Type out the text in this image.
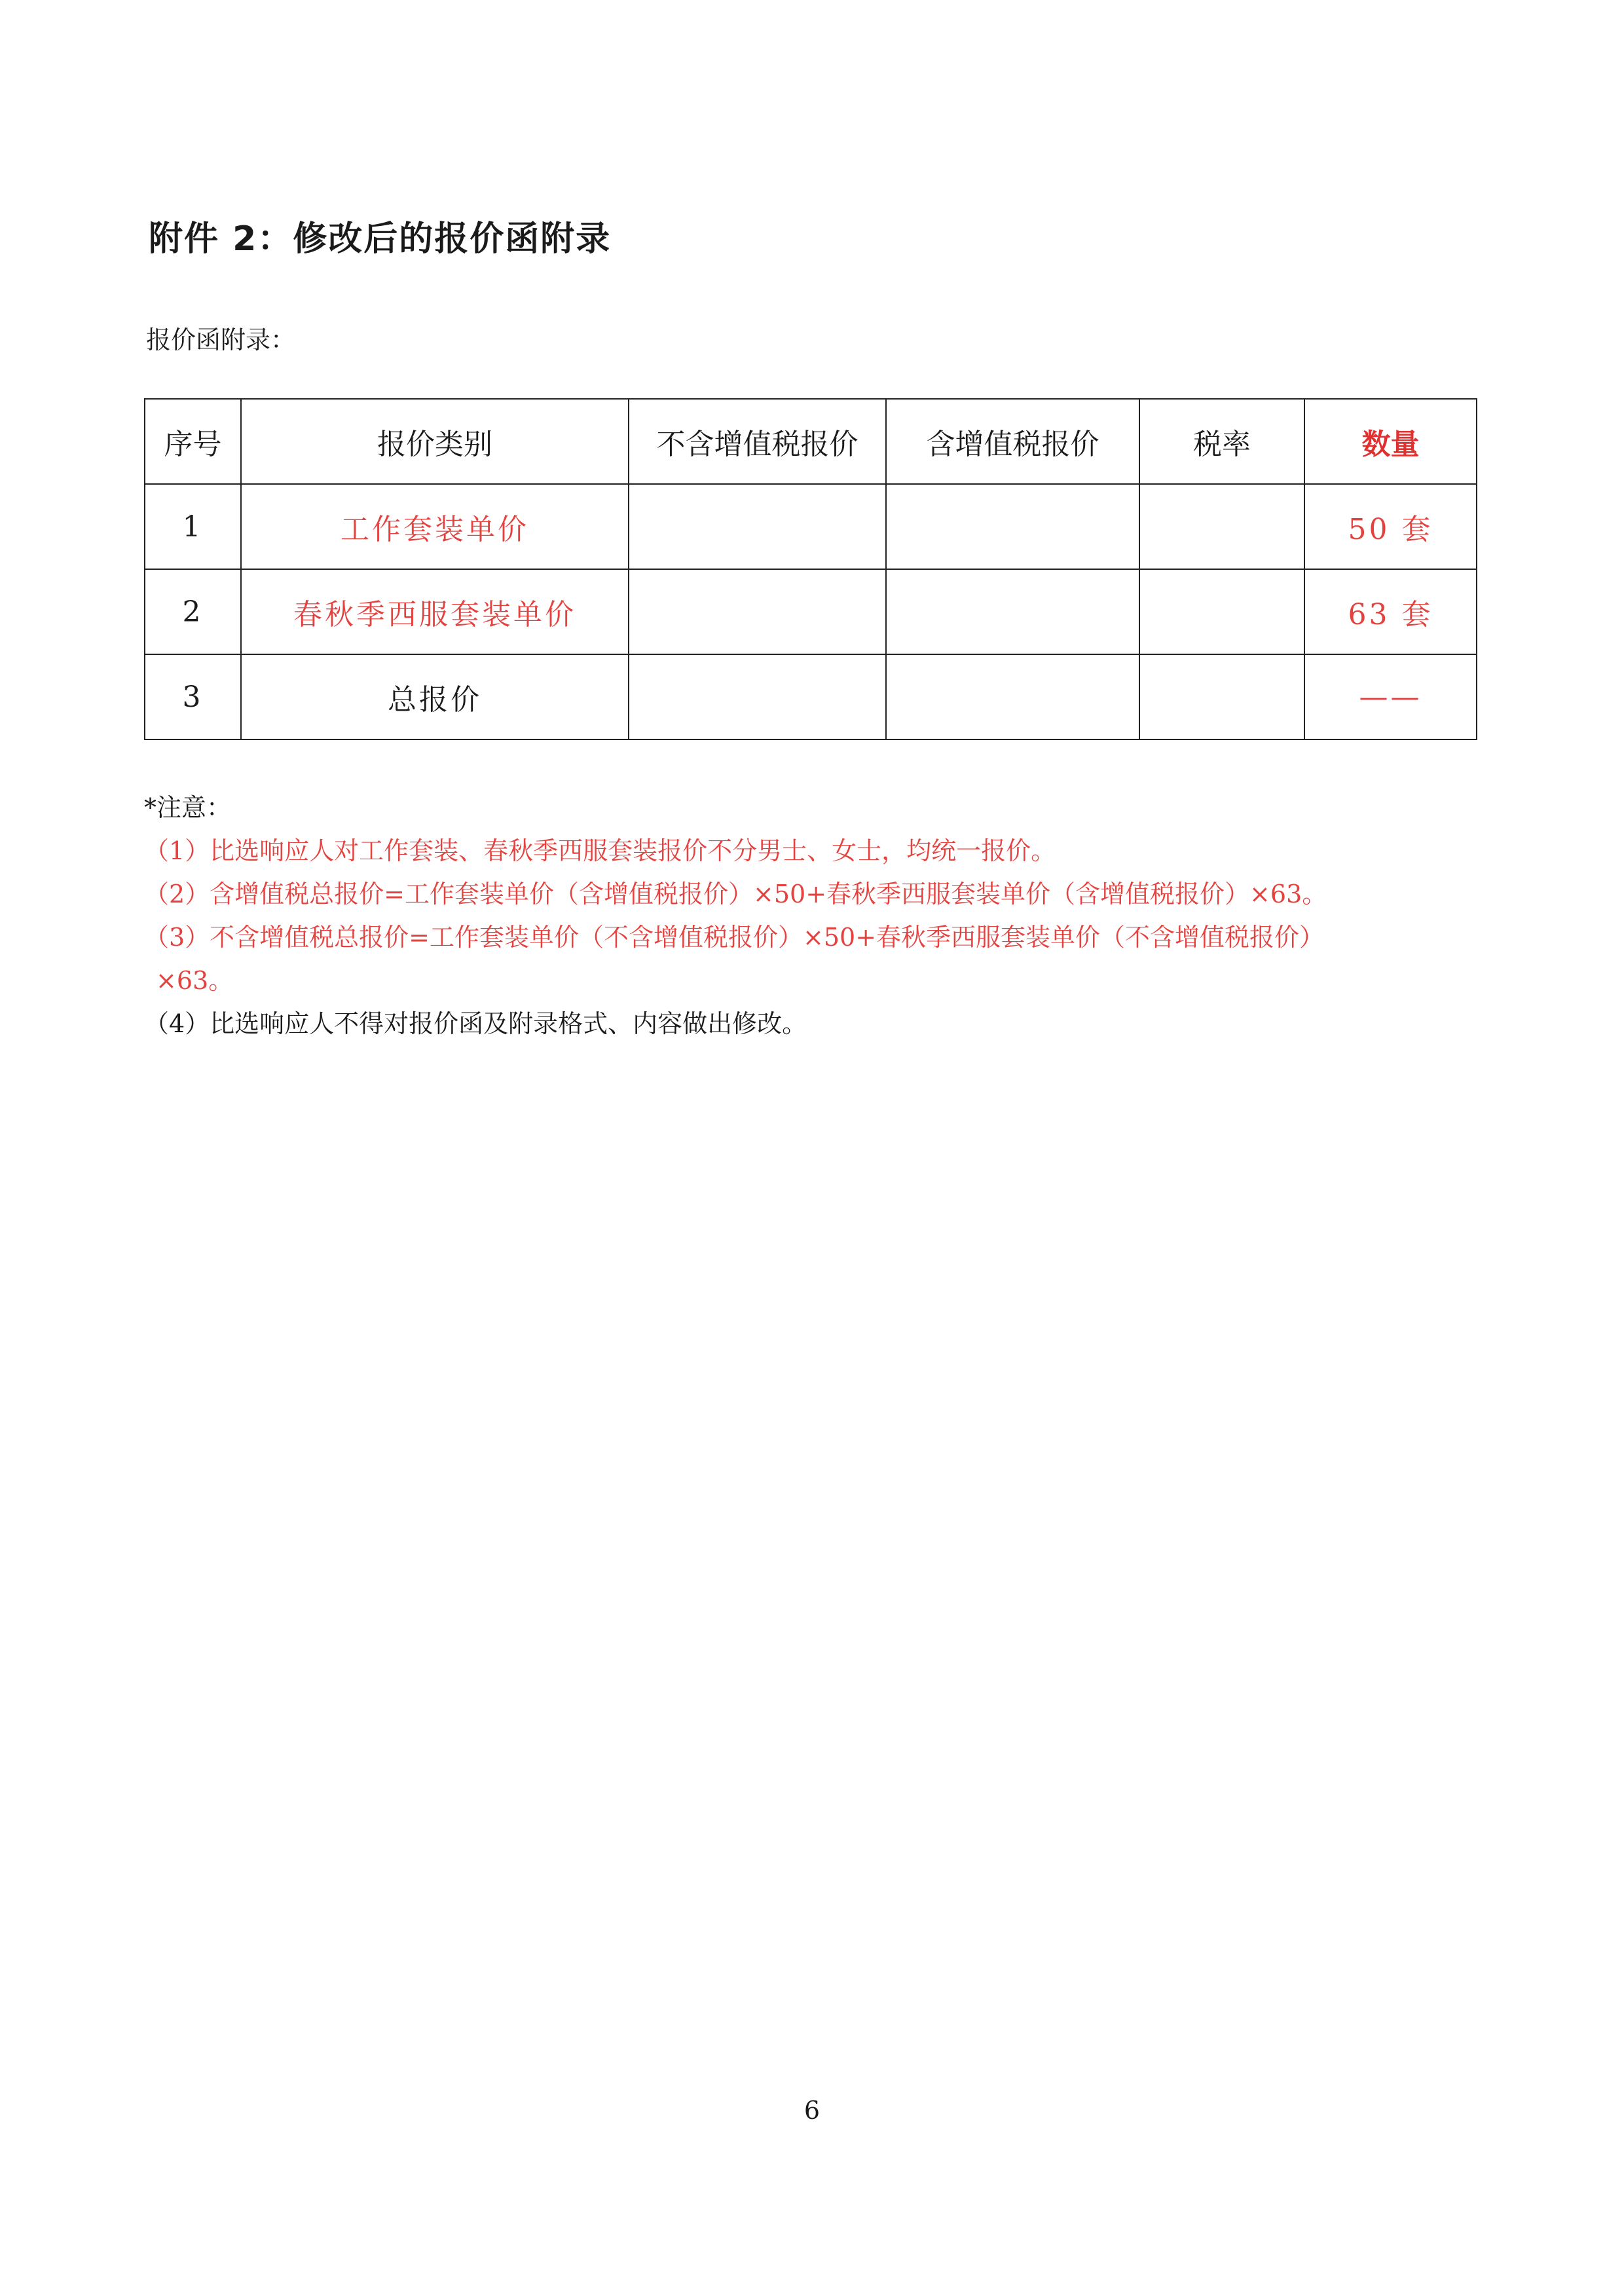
附件 2：修改后的报价函附录
报价函附录：
序号	报价类别	不含增值税报价	含增值税报价	税率	数量
1	工作套装单价				50 套
2	春秋季西服套装单价				63 套
3	总报价				——
*注意：
（1）比选响应人对工作套装、春秋季西服套装报价不分男士、女士，均统一报价。
（2）含增值税总报价=工作套装单价（含增值税报价）×50+春秋季西服套装单价（含增值税报价）×63。
（3）不含增值税总报价=工作套装单价（不含增值税报价）×50+春秋季西服套装单价（不含增值税报价）
×63。
（4）比选响应人不得对报价函及附录格式、内容做出修改。
6
